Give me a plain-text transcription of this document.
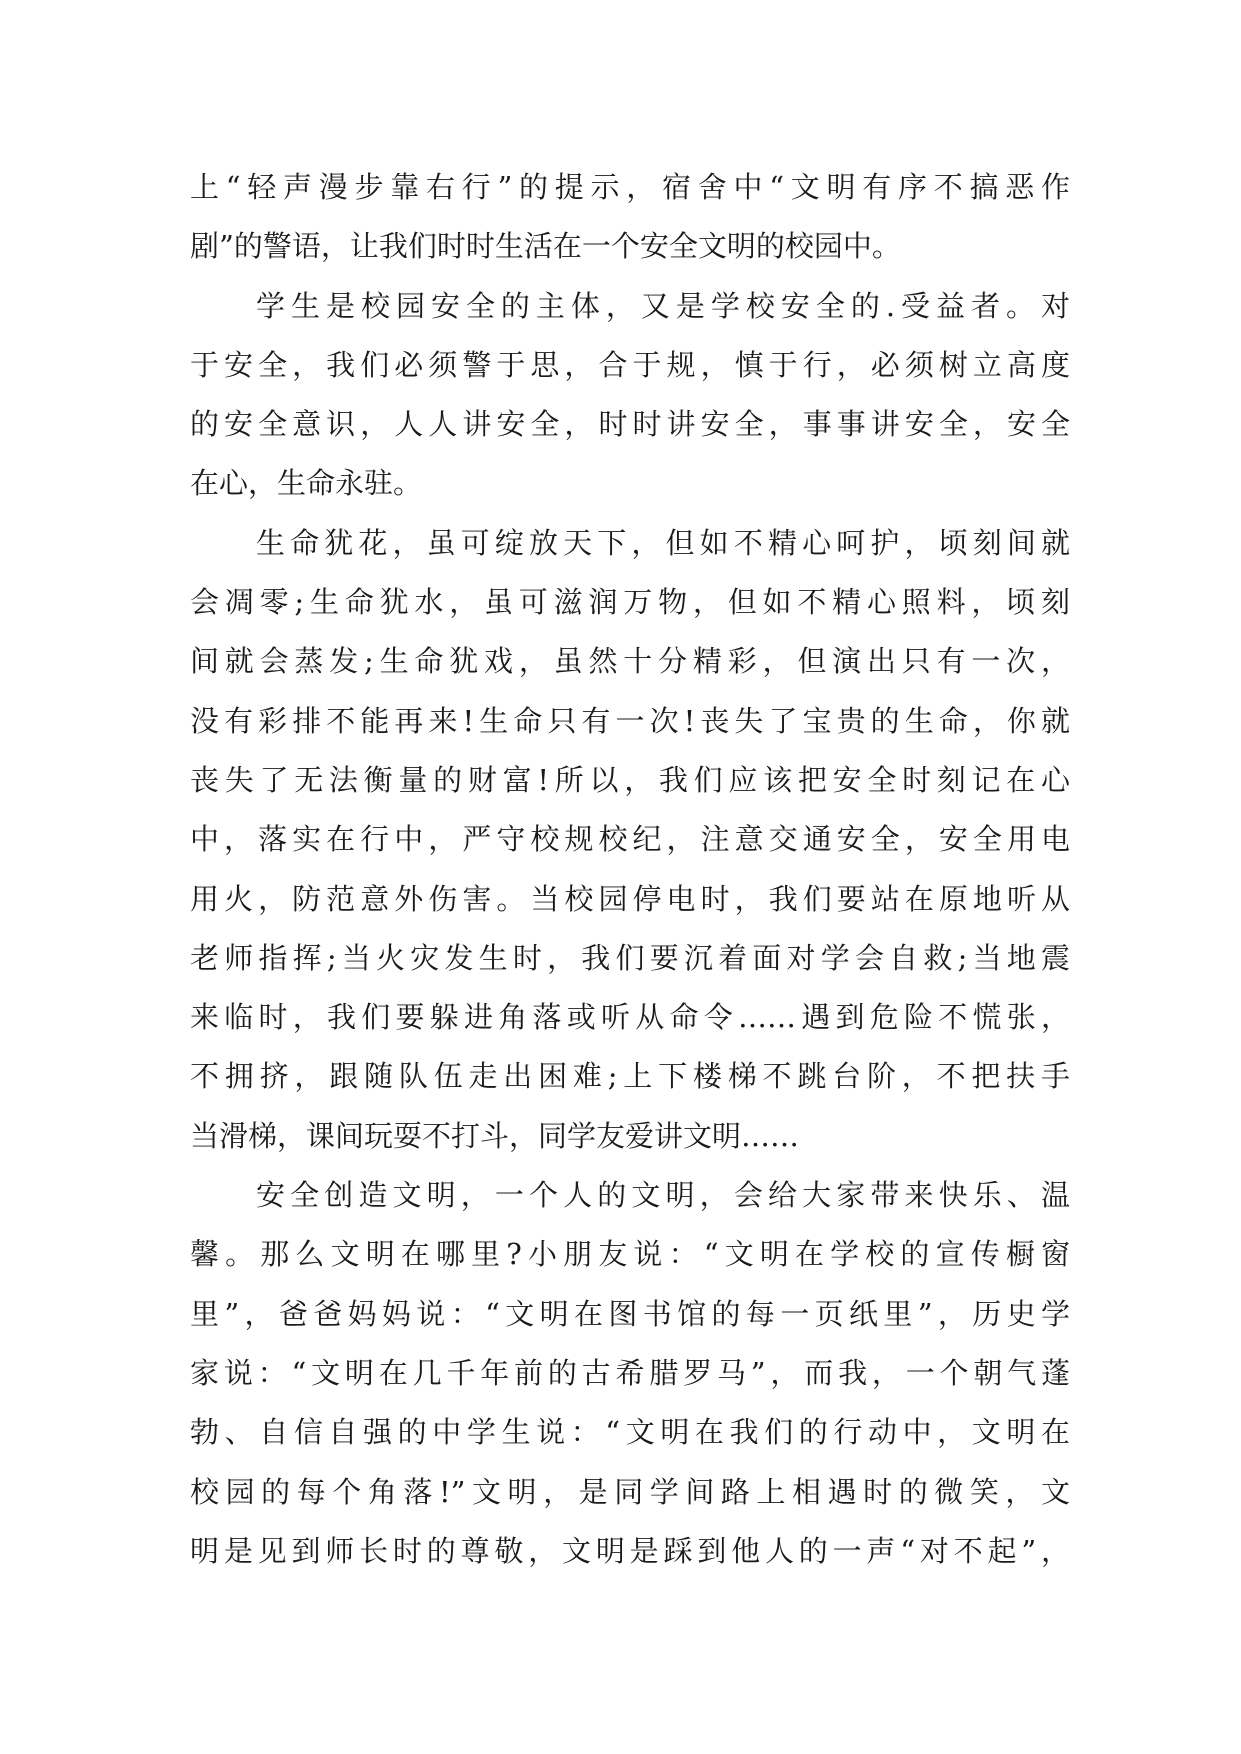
上“轻声漫步靠右行”的提示，宿舍中“文明有序不搞恶作
剧”的警语，让我们时时生活在一个安全文明的校园中。
学生是校园安全的主体，又是学校安全的.受益者。对
于安全，我们必须警于思，合于规，慎于行，必须树立高度
的安全意识，人人讲安全，时时讲安全，事事讲安全，安全
在心，生命永驻。
生命犹花，虽可绽放天下，但如不精心呵护，顷刻间就
会凋零;生命犹水，虽可滋润万物，但如不精心照料，顷刻
间就会蒸发;生命犹戏，虽然十分精彩，但演出只有一次，
没有彩排不能再来!生命只有一次!丧失了宝贵的生命，你就
丧失了无法衡量的财富!所以，我们应该把安全时刻记在心
中，落实在行中，严守校规校纪，注意交通安全，安全用电
用火，防范意外伤害。当校园停电时，我们要站在原地听从
老师指挥;当火灾发生时，我们要沉着面对学会自救;当地震
来临时，我们要躲进角落或听从命令……遇到危险不慌张，
不拥挤，跟随队伍走出困难;上下楼梯不跳台阶，不把扶手
当滑梯，课间玩耍不打斗，同学友爱讲文明……
安全创造文明，一个人的文明，会给大家带来快乐、温
馨。那么文明在哪里?小朋友说：“文明在学校的宣传橱窗
里”，爸爸妈妈说：“文明在图书馆的每一页纸里”，历史学
家说：“文明在几千年前的古希腊罗马”，而我，一个朝气蓬
勃、自信自强的中学生说：“文明在我们的行动中，文明在
校园的每个角落!”文明，是同学间路上相遇时的微笑，文
明是见到师长时的尊敬，文明是踩到他人的一声“对不起”，
